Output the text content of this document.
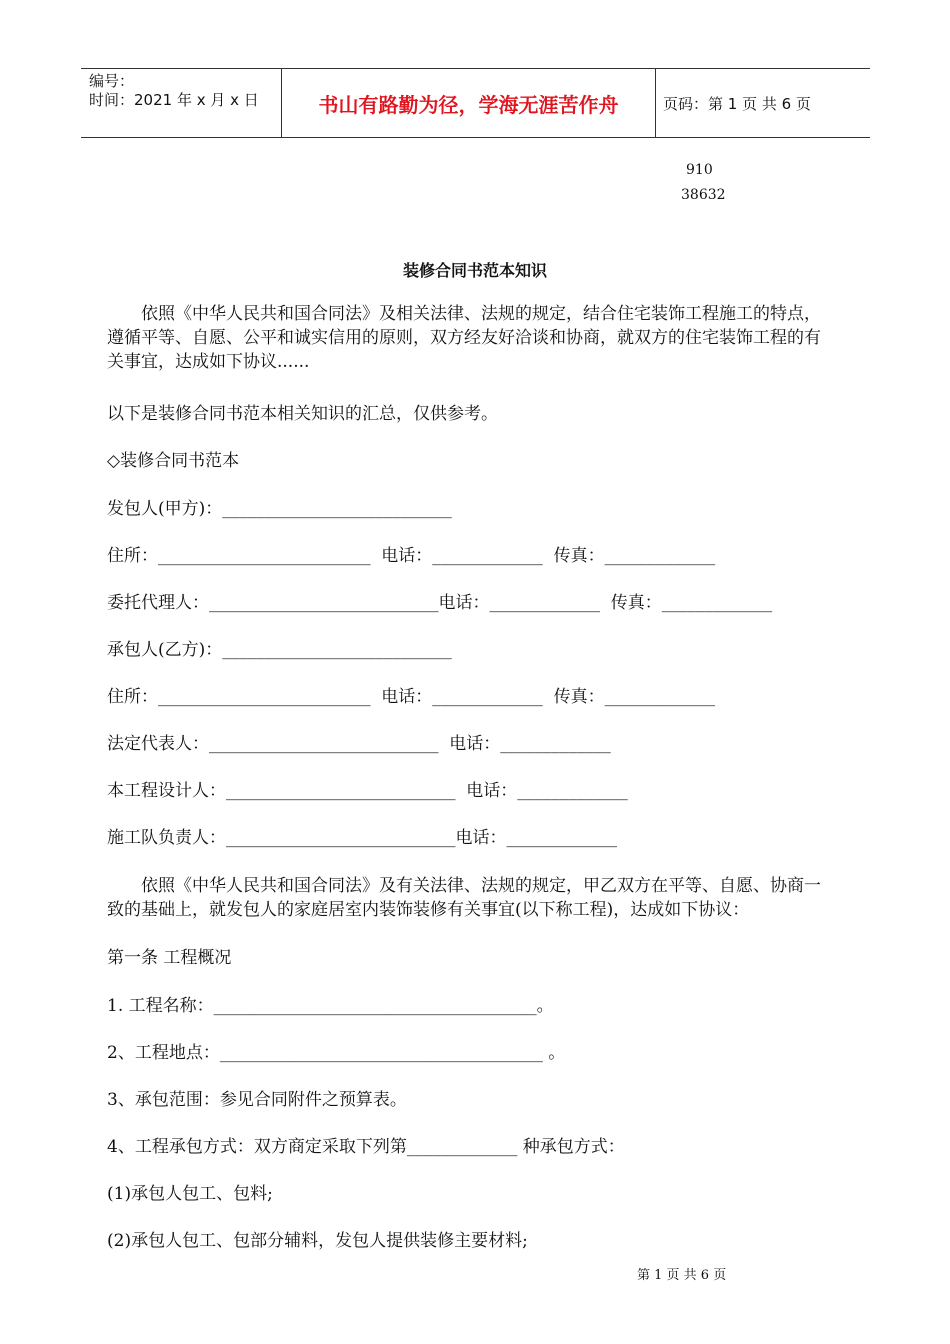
编号：
时间：2021 年 x 月 x 日	书山有路勤为径，学海无涯苦作舟	页码：第 1 页 共 6 页
910
38632
装修合同书范本知识
　　依照《中华人民共和国合同法》及相关法律、法规的规定，结合住宅装饰工程施工的特点，
遵循平等、自愿、公平和诚实信用的原则，双方经友好洽谈和协商，就双方的住宅装饰工程的有
关事宜，达成如下协议......
以下是装修合同书范本相关知识的汇总，仅供参考。
◇装修合同书范本
发包人(甲方)：___________________________
住所：_________________________  电话：_____________  传真：_____________
委托代理人：___________________________电话：_____________  传真：_____________
承包人(乙方)：___________________________
住所：_________________________  电话：_____________  传真：_____________
法定代表人：___________________________  电话：_____________
本工程设计人：___________________________  电话：_____________
施工队负责人：___________________________电话：_____________
　　依照《中华人民共和国合同法》及有关法律、法规的规定，甲乙双方在平等、自愿、协商一
致的基础上，就发包人的家庭居室内装饰装修有关事宜(以下称工程)，达成如下协议：
第一条 工程概况
1. 工程名称：______________________________________。
2、工程地点：______________________________________ 。
3、承包范围：参见合同附件之预算表。
4、工程承包方式：双方商定采取下列第_____________ 种承包方式：
(1)承包人包工、包料;
(2)承包人包工、包部分辅料，发包人提供装修主要材料;
第 1 页 共 6 页
